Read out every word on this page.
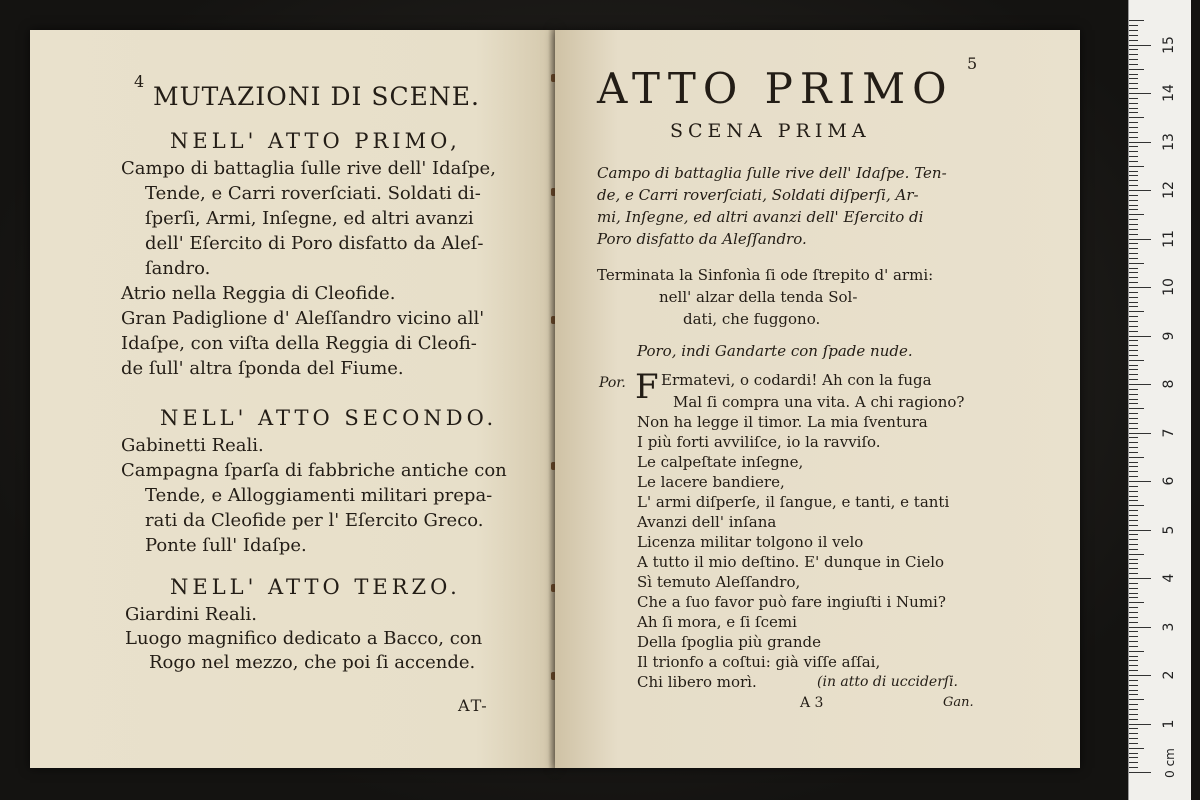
4
MUTAZIONI DI SCENE.
NELL' ATTO PRIMO,
Campo di battaglia ſulle rive dell' Idaſpe,
Tende, e Carri roverſciati. Soldati di-
ſperſi, Armi, Inſegne, ed altri avanzi
dell' Eſercito di Poro disfatto da Aleſ-
ſandro.
Atrio nella Reggia di Cleofide.
Gran Padiglione d' Aleſſandro vicino all'
Idaſpe, con viſta della Reggia di Cleofi-
de ſull' altra ſponda del Fiume.
NELL' ATTO SECONDO.
Gabinetti Reali.
Campagna ſparſa di fabbriche antiche con
Tende, e Alloggiamenti militari prepa-
rati da Cleofide per l' Eſercito Greco.
Ponte ſull' Idaſpe.
NELL' ATTO TERZO.
Giardini Reali.
Luogo magnifico dedicato a Bacco, con
Rogo nel mezzo, che poi ſi accende.
AT-
5
ATTO PRIMO
SCENA PRIMA
Campo di battaglia ſulle rive dell' Idaſpe. Ten-
de, e Carri roverſciati, Soldati diſperſi, Ar-
mi, Inſegne, ed altri avanzi dell' Eſercito di
Poro disfatto da Aleſſandro.
Terminata la Sinfonìa ſi ode ſtrepito d' armi:
nell' alzar della tenda Sol-
dati, che fuggono.
Poro, indi Gandarte con ſpade nude.
Por. F Ermatevi, o codardi! Ah con la fuga
Mal ſi compra una vita. A chi ragiono?
Non ha legge il timor. La mia ſventura
I più forti avviliſce, io la ravviſo.
Le calpeſtate inſegne,
Le lacere bandiere,
L' armi diſperſe, il ſangue, e tanti, e tanti
Avanzi dell' inſana
Licenza militar tolgono il velo
A tutto il mio deſtino. E' dunque in Cielo
Sì temuto Aleſſandro,
Che a ſuo favor può fare ingiuſti i Numi?
Ah ſi mora, e ſi ſcemi
Della ſpoglia più grande
Il trionfo a coſtui: già viſſe aſſai,
Chi libero morì.	(in atto di ucciderſi.
A 3	Gan.
1
2
3
4
5
6
7
8
9
10
11
12
13
14
15
0 cm
